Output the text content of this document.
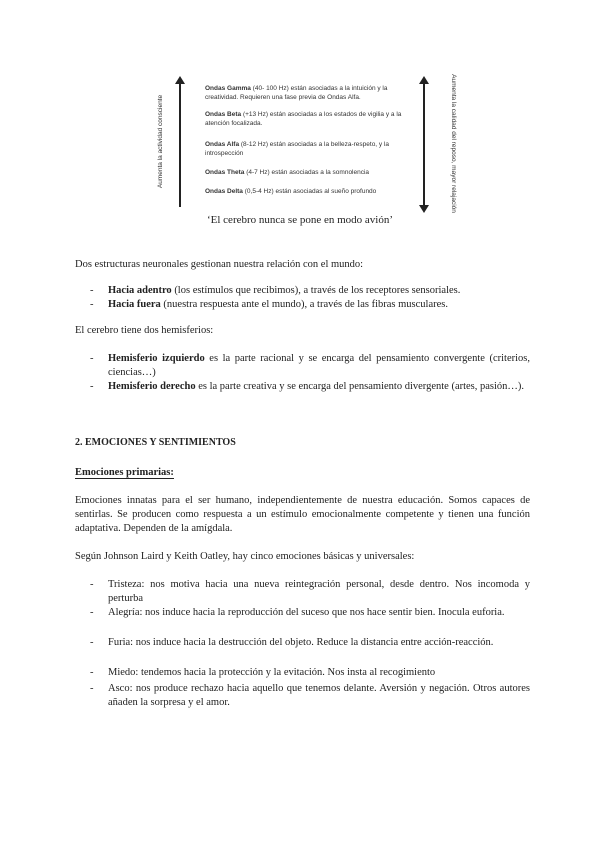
Aumenta la actividad consciente	Aumenta la calidad del reposo, mayor relajación
Ondas Gamma (40- 100 Hz) están asociadas a la intuición y la creatividad. Requieren una fase previa de Ondas Alfa.
Ondas Beta (+13 Hz) están asociadas a los estados de vigilia y a la atención focalizada.
Ondas Alfa (8-12 Hz) están asociadas a la belleza-respeto, y la introspección
Ondas Theta (4-7 Hz) están asociadas a la somnolencia
Ondas Delta (0,5-4 Hz) están asociadas al sueño profundo
‘El cerebro nunca se pone en modo avión’

Dos estructuras neuronales gestionan nuestra relación con el mundo:

- Hacia adentro (los estímulos que recibimos), a través de los receptores sensoriales.
- Hacia fuera (nuestra respuesta ante el mundo), a través de las fibras musculares.

El cerebro tiene dos hemisferios:

- Hemisferio izquierdo es la parte racional y se encarga del pensamiento convergente (criterios, ciencias…)
- Hemisferio derecho es la parte creativa y se encarga del pensamiento divergente (artes, pasión…).

2. EMOCIONES Y SENTIMIENTOS

Emociones primarias:

Emociones innatas para el ser humano, independientemente de nuestra educación. Somos capaces de sentirlas. Se producen como respuesta a un estímulo emocionalmente competente y tienen una función adaptativa. Dependen de la amígdala.

Según Johnson Laird y Keith Oatley, hay cinco emociones básicas y universales:

- Tristeza: nos motiva hacia una nueva reintegración personal, desde dentro. Nos incomoda y perturba
- Alegría: nos induce hacia la reproducción del suceso que nos hace sentir bien. Inocula euforia.
- Furia: nos induce hacia la destrucción del objeto. Reduce la distancia entre acción-reacción.
- Miedo: tendemos hacia la protección y la evitación. Nos insta al recogimiento
- Asco: nos produce rechazo hacia aquello que tenemos delante. Aversión y negación. Otros autores añaden la sorpresa y el amor.
